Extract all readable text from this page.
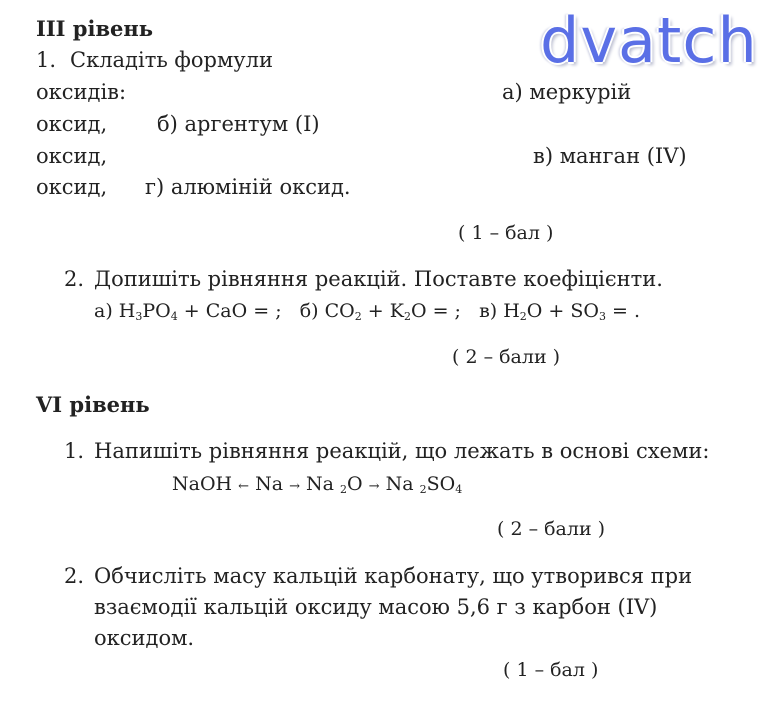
dvatch
III рівень
1. Складіть формули
оксидів:	а) меркурій
оксид, б) аргентум (I)
оксид,	в) манган (IV)
оксид, г) алюміній оксид.
( 1 – бал )
2. Допишіть рівняння реакцій. Поставте коефіцієнти.
а) $H_3PO_4$ + CaO = ; б) $CO_2 + K_2O$ = ; в) $H_2O + SO_3$ = .
( 2 – бали )
VI рівень
1. Напишіть рівняння реакцій, що лежать в основі схеми:
NaOH ← Na → Na $_2$O → Na $_2SO_4$
( 2 – бали )
2. Обчисліть масу кальцій карбонату, що утворився при
взаємодії кальцій оксиду масою 5,6 г з карбон (IV)
оксидом.
( 1 – бал )
